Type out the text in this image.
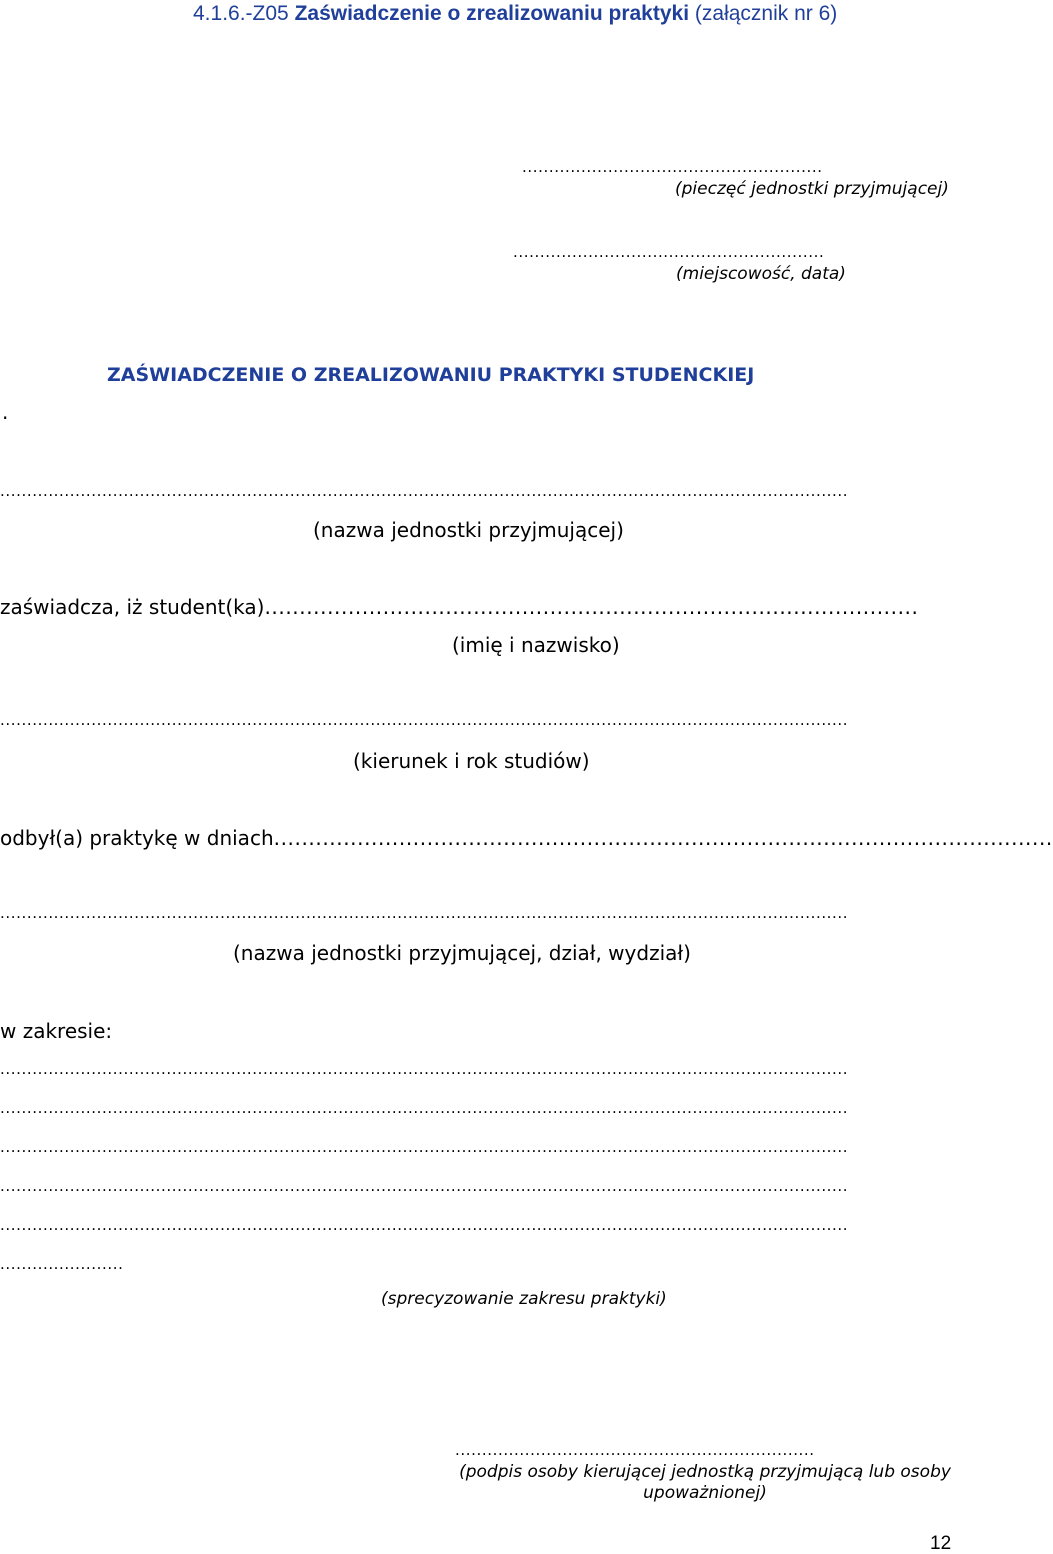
4.1.6.-Z05 Zaświadczenie o zrealizowaniu praktyki (załącznik nr 6)
........................................................
(pieczęć jednostki przyjmującej)
..........................................................
(miejscowość, data)
ZAŚWIADCZENIE O ZREALIZOWANIU PRAKTYKI STUDENCKIEJ
.
..............................................................................................................................................................
(nazwa jednostki przyjmującej)
zaświadcza, iż student(ka)..............................................................................................
(imię i nazwisko)
..............................................................................................................................................................
(kierunek i rok studiów)
odbył(a) praktykę w dniach................................................................................................................
..............................................................................................................................................................
(nazwa jednostki przyjmującej, dział, wydział)
w zakresie:
..............................................................................................................................................................
..............................................................................................................................................................
..............................................................................................................................................................
..............................................................................................................................................................
..............................................................................................................................................................
.......................
(sprecyzowanie zakresu praktyki)
...................................................................
(podpis osoby kierującej jednostką przyjmującą lub osoby
upoważnionej)
12
